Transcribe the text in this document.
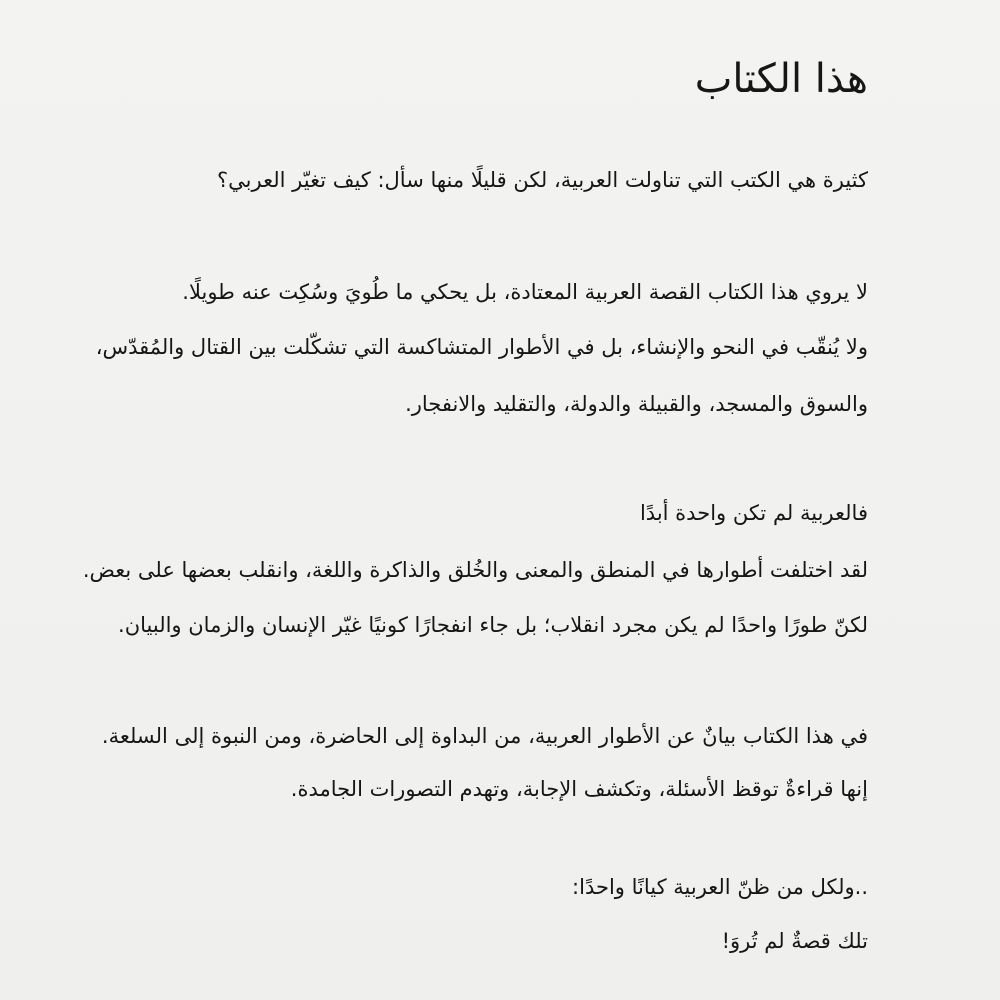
هذا الكتاب

كثيرة هي الكتب التي تناولت العربية، لكن قليلًا منها سأل: كيف تغيّر العربي؟

لا يروي هذا الكتاب القصة العربية المعتادة، بل يحكي ما طُويَ وسُكِت عنه طويلًا.

ولا يُنقّب في النحو والإنشاء، بل في الأطوار المتشاكسة التي تشكّلت بين القتال والمُقدّس،

والسوق والمسجد، والقبيلة والدولة، والتقليد والانفجار.

فالعربية لم تكن واحدة أبدًا

لقد اختلفت أطوارها في المنطق والمعنى والخُلق والذاكرة واللغة، وانقلب بعضها على بعض.

لكنّ طورًا واحدًا لم يكن مجرد انقلاب؛ بل جاء انفجارًا كونيًا غيّر الإنسان والزمان والبيان.

في هذا الكتاب بيانٌ عن الأطوار العربية، من البداوة إلى الحاضرة، ومن النبوة إلى السلعة.

إنها قراءةٌ توقظ الأسئلة، وتكشف الإجابة، وتهدم التصورات الجامدة.

..ولكل من ظنّ العربية كيانًا واحدًا:

تلك قصةٌ لم تُروَ!
